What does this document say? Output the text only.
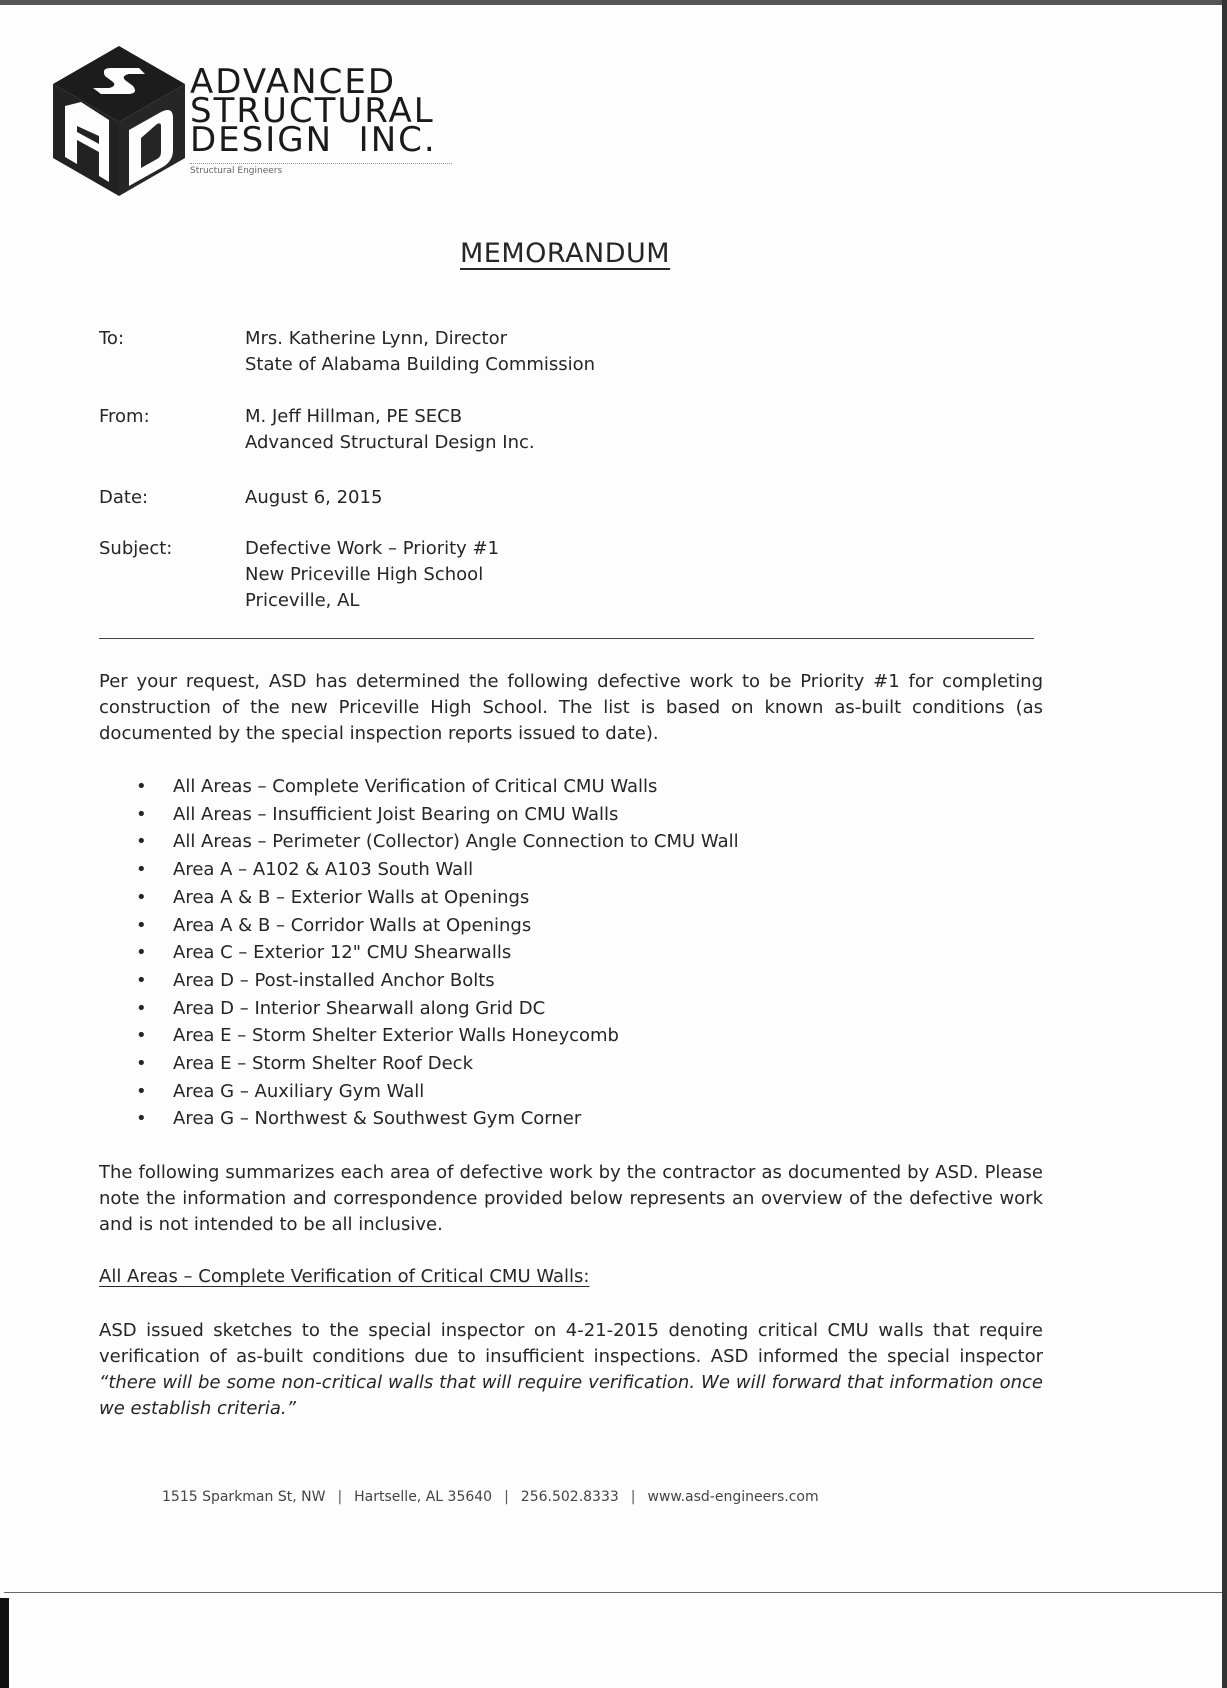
ADVANCED
STRUCTURAL
DESIGN  INC.
Structural Engineers
MEMORANDUM
To:	Mrs. Katherine Lynn, Director
State of Alabama Building Commission
From:	M. Jeff Hillman, PE SECB
Advanced Structural Design Inc.
Date:	August 6, 2015
Subject:	Defective Work – Priority #1
New Priceville High School
Priceville, AL
Per your request, ASD has determined the following defective work to be Priority #1 for completing construction of the new Priceville High School. The list is based on known as-built conditions (as documented by the special inspection reports issued to date).
• All Areas – Complete Verification of Critical CMU Walls
• All Areas – Insufficient Joist Bearing on CMU Walls
• All Areas – Perimeter (Collector) Angle Connection to CMU Wall
• Area A – A102 & A103 South Wall
• Area A & B – Exterior Walls at Openings
• Area A & B – Corridor Walls at Openings
• Area C – Exterior 12" CMU Shearwalls
• Area D – Post-installed Anchor Bolts
• Area D – Interior Shearwall along Grid DC
• Area E – Storm Shelter Exterior Walls Honeycomb
• Area E – Storm Shelter Roof Deck
• Area G – Auxiliary Gym Wall
• Area G – Northwest & Southwest Gym Corner
The following summarizes each area of defective work by the contractor as documented by ASD. Please note the information and correspondence provided below represents an overview of the defective work and is not intended to be all inclusive.
All Areas – Complete Verification of Critical CMU Walls:
ASD issued sketches to the special inspector on 4-21-2015 denoting critical CMU walls that require verification of as-built conditions due to insufficient inspections. ASD informed the special inspector “there will be some non-critical walls that will require verification. We will forward that information once we establish criteria.”
1515 Sparkman St, NW | Hartselle, AL 35640 | 256.502.8333 | www.asd-engineers.com
